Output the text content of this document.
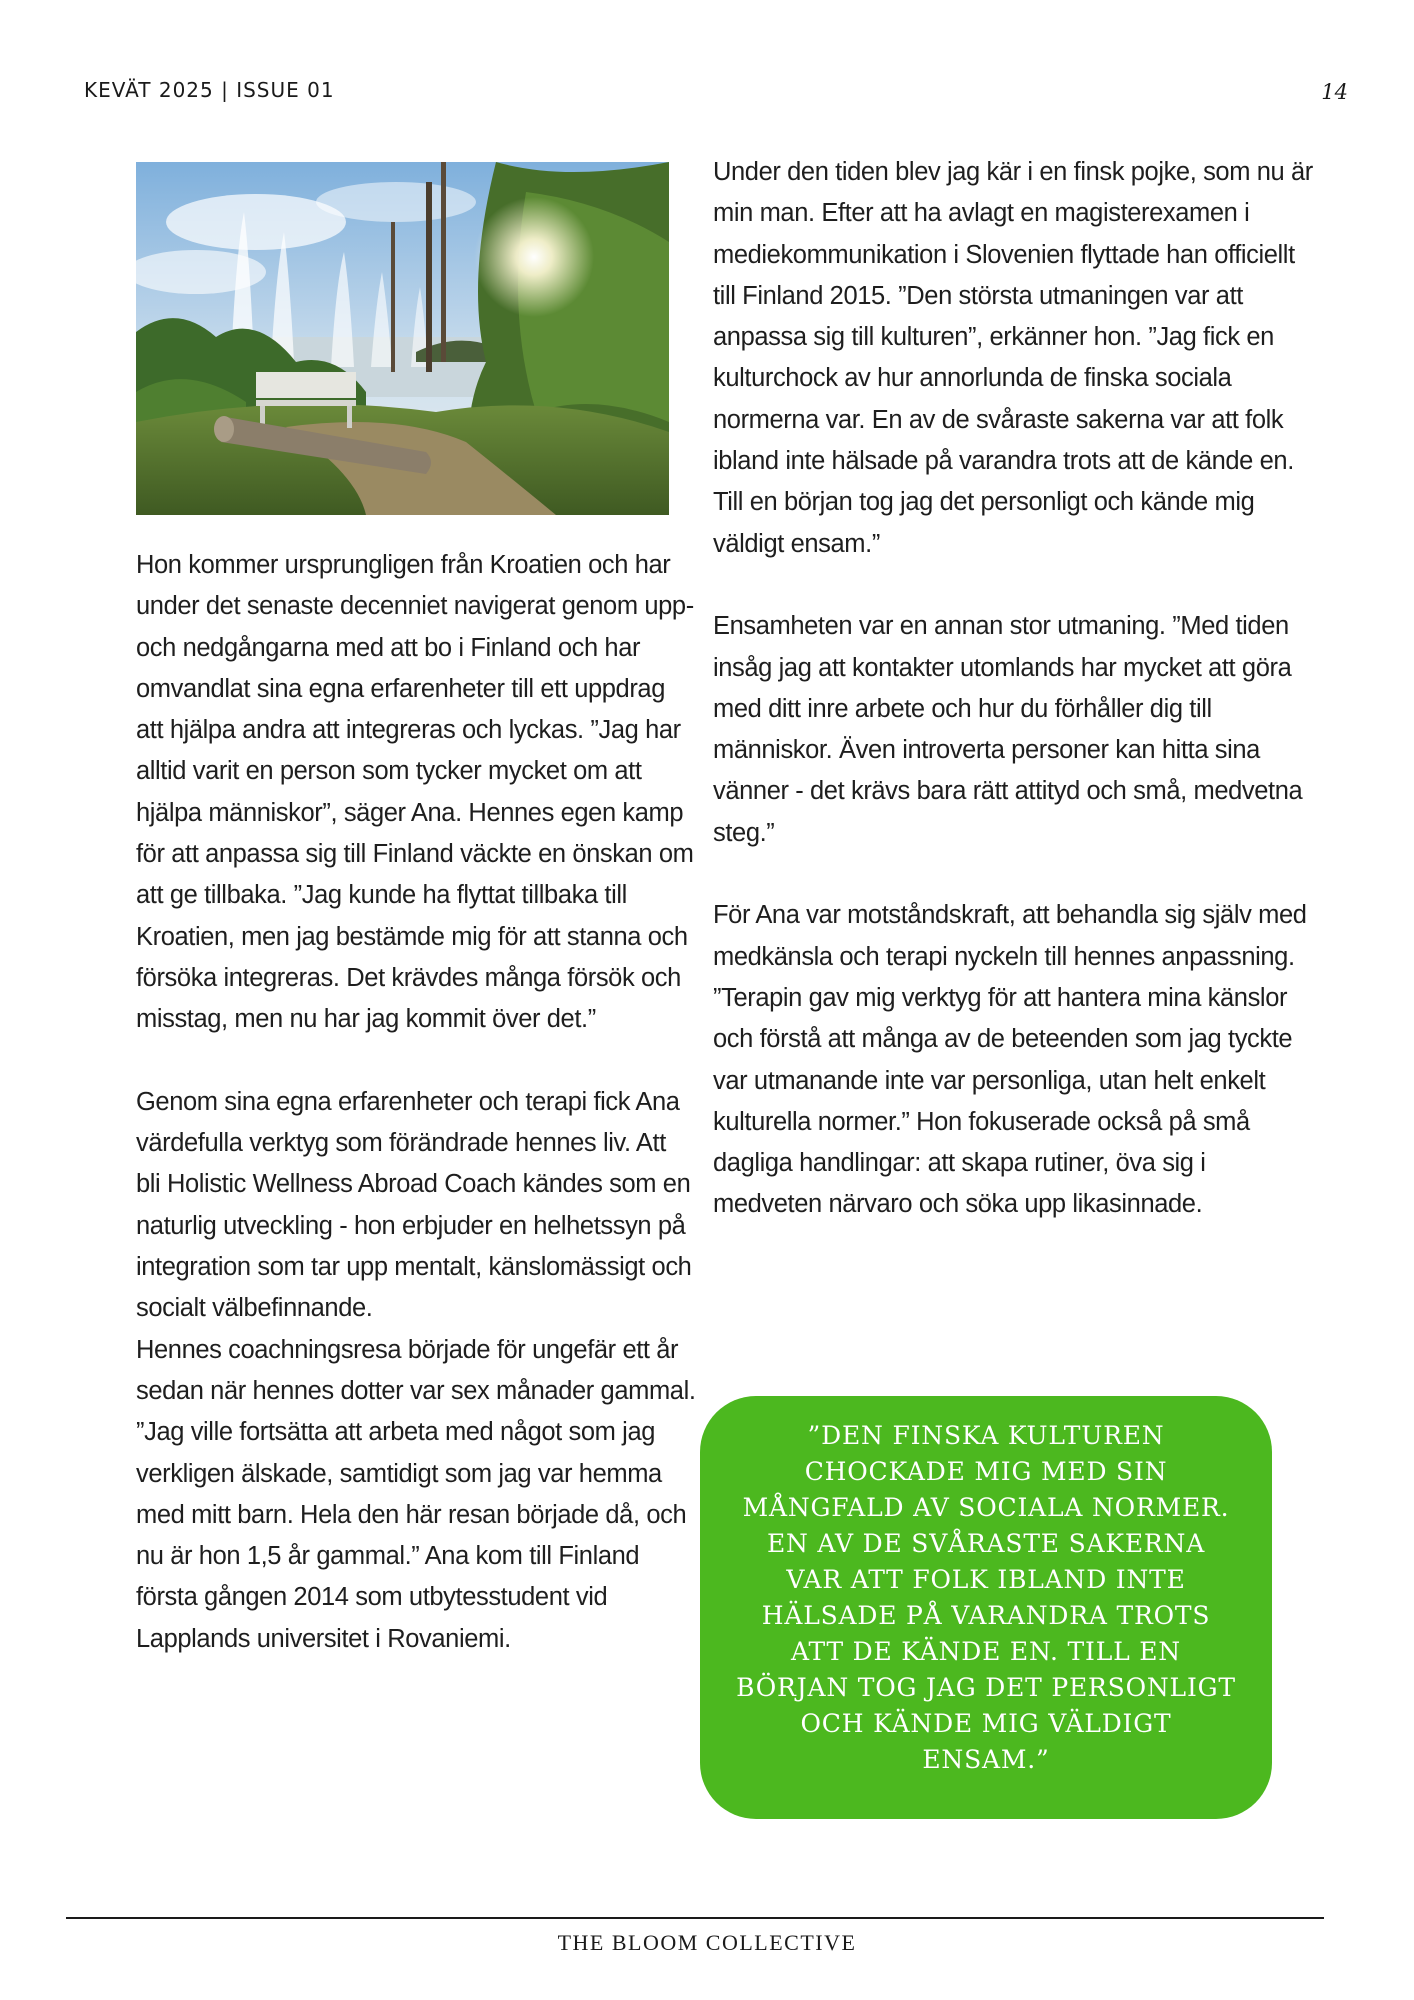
KEVÄT 2025 | ISSUE 01	14

Hon kommer ursprungligen från Kroatien och har under det senaste decenniet navigerat genom upp- och nedgångarna med att bo i Finland och har omvandlat sina egna erfarenheter till ett uppdrag att hjälpa andra att integreras och lyckas. ”Jag har alltid varit en person som tycker mycket om att hjälpa människor”, säger Ana. Hennes egen kamp för att anpassa sig till Finland väckte en önskan om att ge tillbaka. ”Jag kunde ha flyttat tillbaka till Kroatien, men jag bestämde mig för att stanna och försöka integreras. Det krävdes många försök och misstag, men nu har jag kommit över det.”

Genom sina egna erfarenheter och terapi fick Ana värdefulla verktyg som förändrade hennes liv. Att bli Holistic Wellness Abroad Coach kändes som en naturlig utveckling - hon erbjuder en helhetssyn på integration som tar upp mentalt, känslomässigt och socialt välbefinnande.

Hennes coachningsresa började för ungefär ett år sedan när hennes dotter var sex månader gammal. ”Jag ville fortsätta att arbeta med något som jag verkligen älskade, samtidigt som jag var hemma med mitt barn. Hela den här resan började då, och nu är hon 1,5 år gammal.” Ana kom till Finland första gången 2014 som utbytesstudent vid Lapplands universitet i Rovaniemi.

Under den tiden blev jag kär i en finsk pojke, som nu är min man. Efter att ha avlagt en magisterexamen i mediekommunikation i Slovenien flyttade han officiellt till Finland 2015. ”Den största utmaningen var att anpassa sig till kulturen”, erkänner hon. ”Jag fick en kulturchock av hur annorlunda de finska sociala normerna var. En av de svåraste sakerna var att folk ibland inte hälsade på varandra trots att de kände en. Till en början tog jag det personligt och kände mig väldigt ensam.”

Ensamheten var en annan stor utmaning. ”Med tiden insåg jag att kontakter utomlands har mycket att göra med ditt inre arbete och hur du förhåller dig till människor. Även introverta personer kan hitta sina vänner - det krävs bara rätt attityd och små, medvetna steg.”

För Ana var motståndskraft, att behandla sig själv med medkänsla och terapi nyckeln till hennes anpassning. ”Terapin gav mig verktyg för att hantera mina känslor och förstå att många av de beteenden som jag tyckte var utmanande inte var personliga, utan helt enkelt kulturella normer.” Hon fokuserade också på små dagliga handlingar: att skapa rutiner, öva sig i medveten närvaro och söka upp likasinnade.

”DEN FINSKA KULTUREN CHOCKADE MIG MED SIN MÅNGFALD AV SOCIALA NORMER. EN AV DE SVÅRASTE SAKERNA VAR ATT FOLK IBLAND INTE HÄLSADE PÅ VARANDRA TROTS ATT DE KÄNDE EN. TILL EN BÖRJAN TOG JAG DET PERSONLIGT OCH KÄNDE MIG VÄLDIGT ENSAM.”
THE BLOOM COLLECTIVE
